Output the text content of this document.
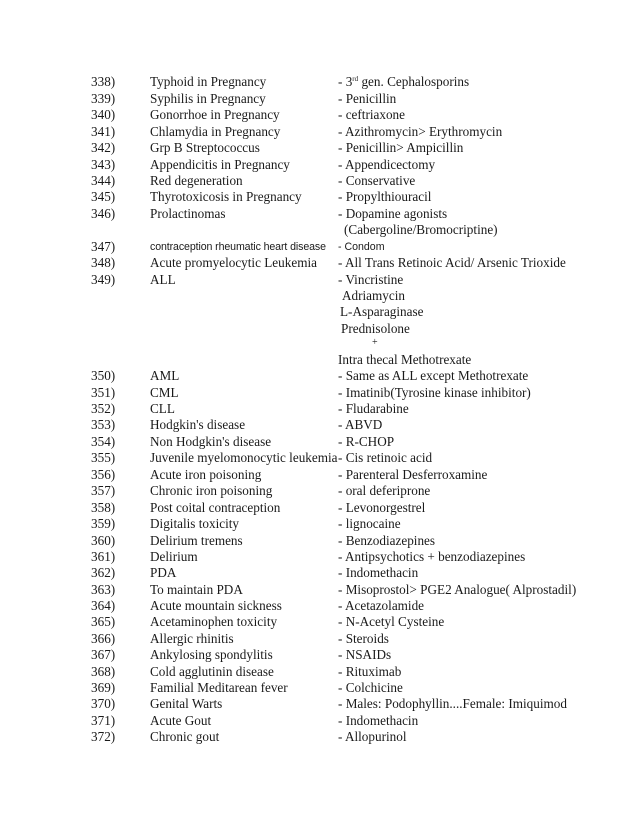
338)	Typhoid in Pregnancy	- 3rd gen. Cephalosporins
339)	Syphilis in Pregnancy	- Penicillin
340)	Gonorrhoe in Pregnancy	- ceftriaxone
341)	Chlamydia in Pregnancy	- Azithromycin> Erythromycin
342)	Grp B Streptococcus	- Penicillin> Ampicillin
343)	Appendicitis in Pregnancy	- Appendicectomy
344)	Red degeneration	- Conservative
345)	Thyrotoxicosis in Pregnancy	- Propylthiouracil
346)	Prolactinomas	- Dopamine agonists
(Cabergoline/Bromocriptine)
347)	contraception rheumatic heart disease - Condom
348)	Acute promyelocytic Leukemia - All Trans Retinoic Acid/ Arsenic Trioxide
349)	ALL	- Vincristine
Adriamycin
L-Asparaginase
Prednisolone
+
Intra thecal Methotrexate
350)	AML	- Same as ALL except Methotrexate
351)	CML	- Imatinib(Tyrosine kinase inhibitor)
352)	CLL	- Fludarabine
353)	Hodgkin's disease	- ABVD
354)	Non Hodgkin's disease	- R-CHOP
355)	Juvenile myelomonocytic leukemia - Cis retinoic acid
356)	Acute iron poisoning	- Parenteral Desferroxamine
357)	Chronic iron poisoning	- oral deferiprone
358)	Post coital contraception	- Levonorgestrel
359)	Digitalis toxicity	- lignocaine
360)	Delirium tremens	- Benzodiazepines
361)	Delirium	- Antipsychotics + benzodiazepines
362)	PDA	- Indomethacin
363)	To maintain PDA	- Misoprostol> PGE2 Analogue( Alprostadil)
364)	Acute mountain sickness	- Acetazolamide
365)	Acetaminophen toxicity	- N-Acetyl Cysteine
366)	Allergic rhinitis	- Steroids
367)	Ankylosing spondylitis	- NSAIDs
368)	Cold agglutinin disease	- Rituximab
369)	Familial Meditarean fever	- Colchicine
370)	Genital Warts	- Males: Podophyllin....Female: Imiquimod
371)	Acute Gout	- Indomethacin
372)	Chronic gout	- Allopurinol
